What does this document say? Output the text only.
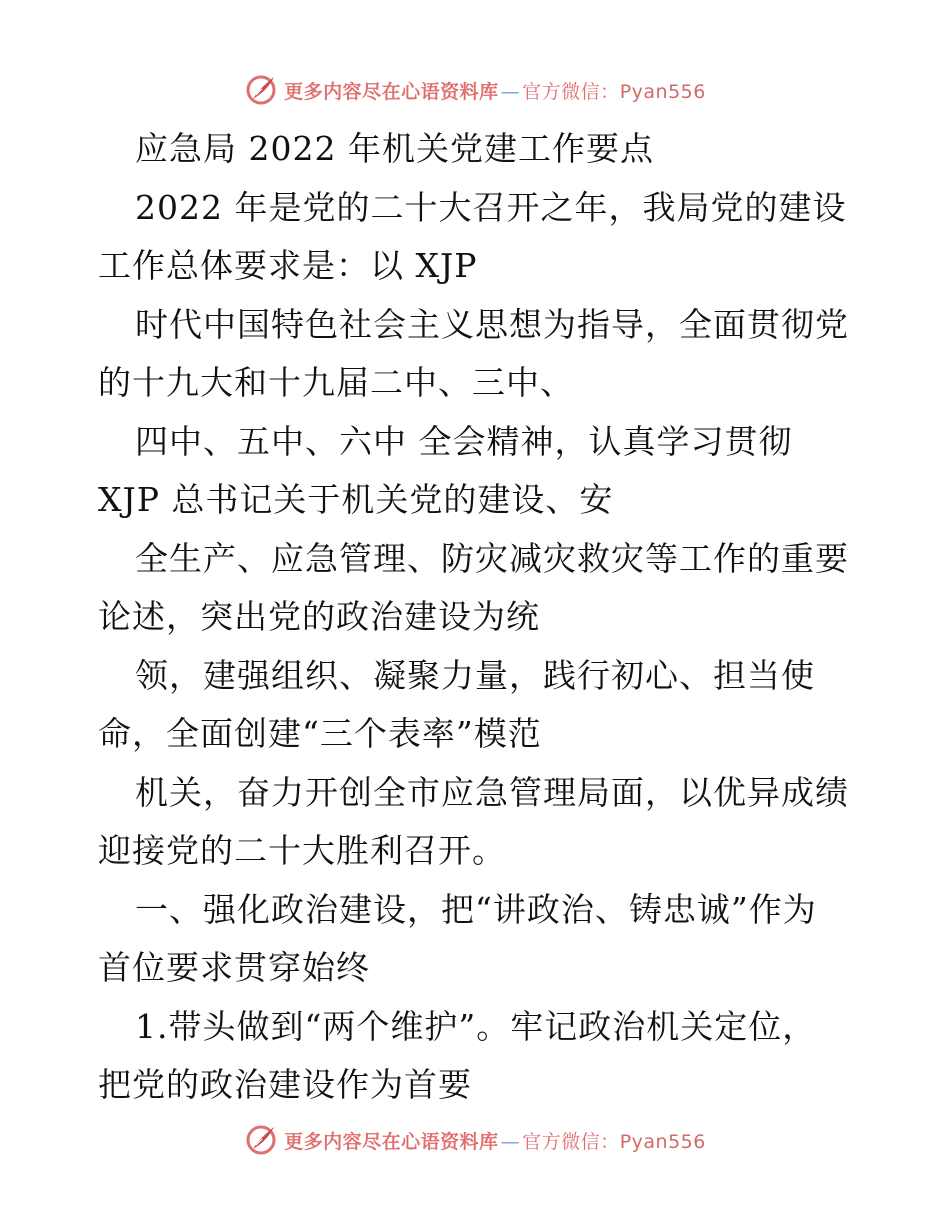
更多内容尽在心语资料库 — 官方微信： Pyan556
应急局 2022 年机关党建工作要点
2022 年是党的二十大召开之年，我局党的建设
工作总体要求是：以 XJP
时代中国特色社会主义思想为指导，全面贯彻党
的十九大和十九届二中、三中、
四中、五中、六中 全会精神，认真学习贯彻
XJP 总书记关于机关党的建设、安
全生产、应急管理、防灾减灾救灾等工作的重要
论述，突出党的政治建设为统
领，建强组织、凝聚力量，践行初心、担当使
命，全面创建“三个表率”模范
机关，奋力开创全市应急管理局面，以优异成绩
迎接党的二十大胜利召开。
一、强化政治建设，把“讲政治、铸忠诚”作为
首位要求贯穿始终
1.带头做到“两个维护”。牢记政治机关定位，
把党的政治建设作为首要
更多内容尽在心语资料库 — 官方微信： Pyan556
